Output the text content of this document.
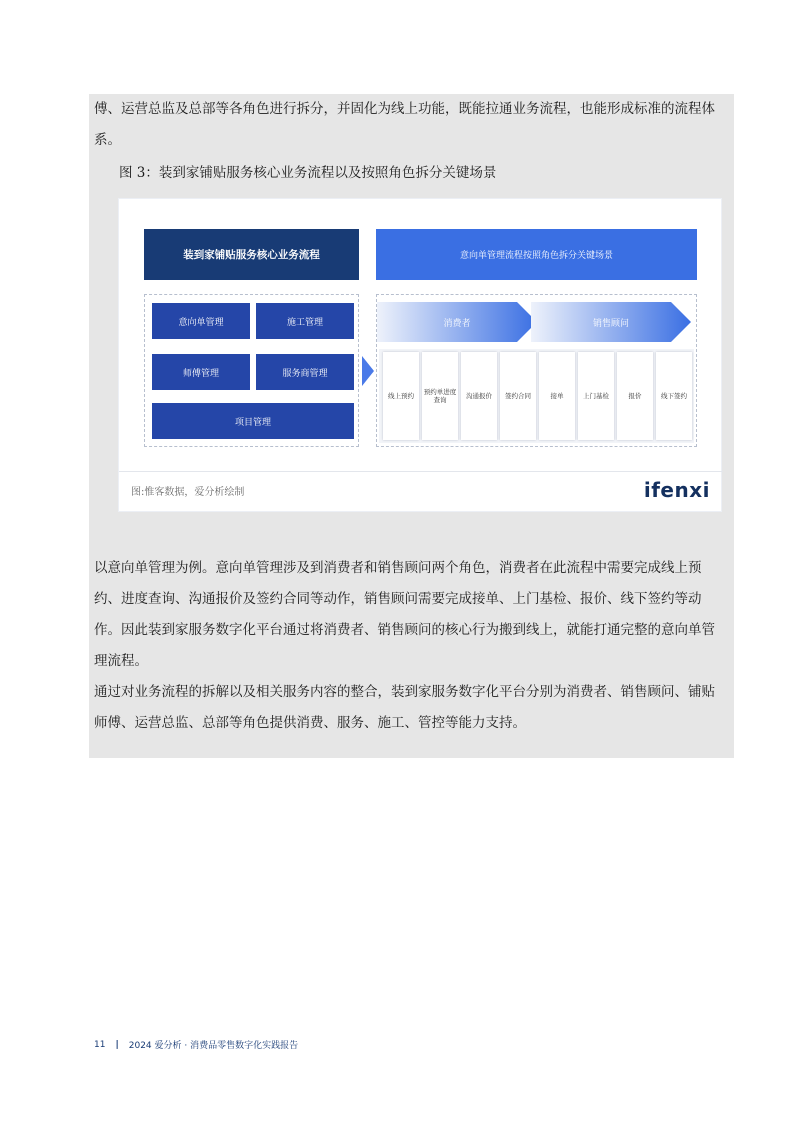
傅、运营总监及总部等各角色进行拆分，并固化为线上功能，既能拉通业务流程，也能形成标准的流程体系。

图 3：装到家铺贴服务核心业务流程以及按照角色拆分关键场景

装到家铺贴服务核心业务流程	意向单管理流程按照角色拆分关键场景
意向单管理	施工管理
师傅管理	服务商管理
项目管理
消费者	销售顾问
线上预约	预约单进度查询	沟通报价	签约合同	接单	上门基检	报价	线下签约
图:惟客数据，爱分析绘制	ifenxi

以意向单管理为例。意向单管理涉及到消费者和销售顾问两个角色，消费者在此流程中需要完成线上预约、进度查询、沟通报价及签约合同等动作，销售顾问需要完成接单、上门基检、报价、线下签约等动作。因此装到家服务数字化平台通过将消费者、销售顾问的核心行为搬到线上，就能打通完整的意向单管理流程。

通过对业务流程的拆解以及相关服务内容的整合，装到家服务数字化平台分别为消费者、销售顾问、铺贴师傅、运营总监、总部等角色提供消费、服务、施工、管控等能力支持。

11 | 2024 爱分析 · 消费品零售数字化实践报告
